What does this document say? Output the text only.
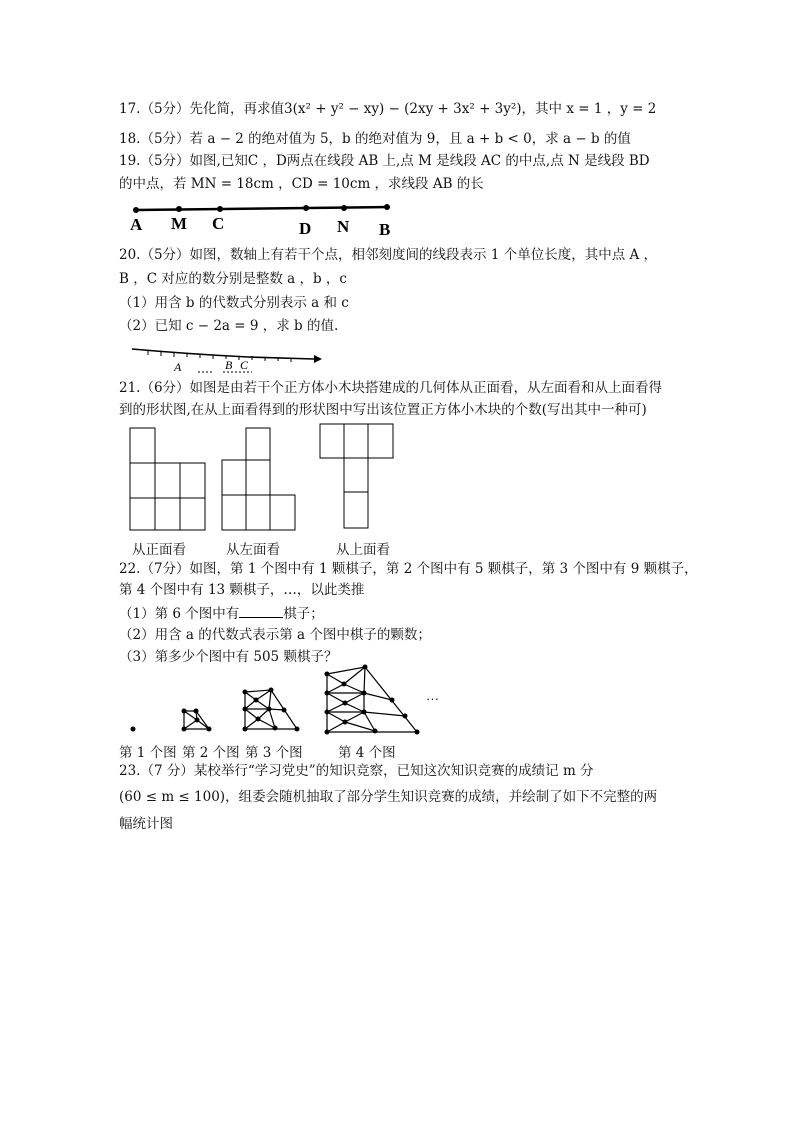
17.（5分）先化简，再求值3(x² + y² − xy) − (2xy + 3x² + 3y²)，其中 x = 1 ，y = 2
18.（5分）若 a − 2 的绝对值为 5，b 的绝对值为 9，且 a + b < 0，求 a − b 的值
19.（5分）如图,已知C ，D两点在线段 AB 上,点 M 是线段 AC 的中点,点 N 是线段 BD
的中点，若 MN = 18cm ，CD = 10cm ，求线段 AB 的长
A M C	D N B
20.（5分）如图，数轴上有若干个点，相邻刻度间的线段表示 1 个单位长度，其中点 A ，
B ，C 对应的数分别是整数 a ，b ，c
（1）用含 b 的代数式分别表示 a 和 c
（2）已知 c − 2a = 9 ，求 b 的值.
A	B C
21.（6分）如图是由若干个正方体小木块搭建成的几何体从正面看，从左面看和从上面看得
到的形状图,在从上面看得到的形状图中写出该位置正方体小木块的个数(写出其中一种可)
从正面看	从左面看	从上面看
22.（7分）如图，第 1 个图中有 1 颗棋子，第 2 个图中有 5 颗棋子，第 3 个图中有 9 颗棋子，
第 4 个图中有 13 颗棋子，…，以此类推
（1）第 6 个图中有	棋子；
（2）用含 a 的代数式表示第 a 个图中棋子的颗数；
（3）第多少个图中有 505 颗棋子？
…
第 1 个图 第 2 个图 第 3 个图	第 4 个图
23.（7 分）某校举行“学习党史”的知识竞察，已知这次知识竞赛的成绩记 m 分
(60 ≤ m ≤ 100)，组委会随机抽取了部分学生知识竞赛的成绩，并绘制了如下不完整的两
幅统计图
